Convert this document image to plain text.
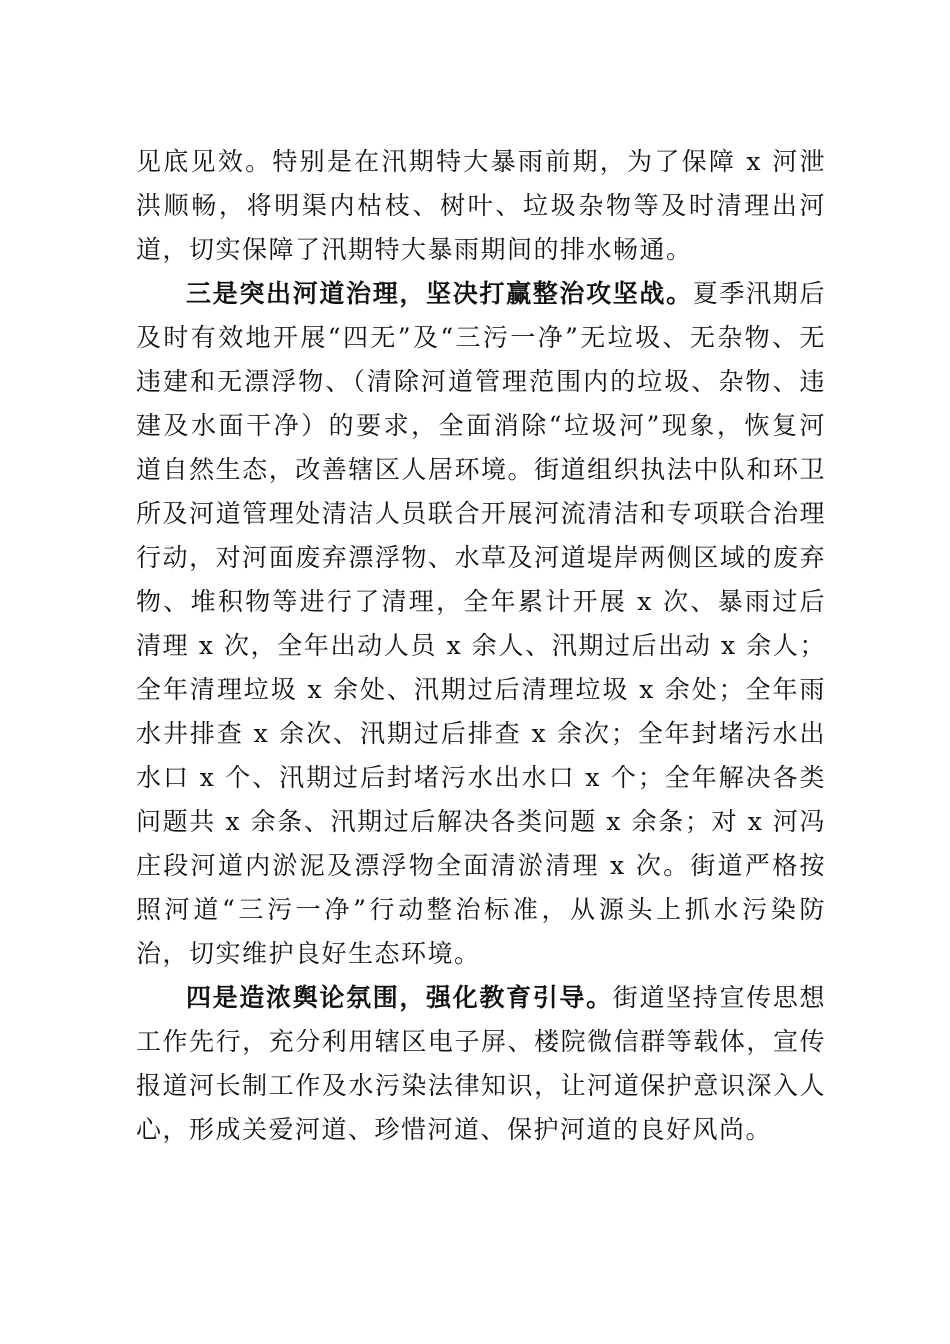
见底见效。特别是在汛期特大暴雨前期，为了保障 x 河泄洪顺畅，将明渠内枯枝、树叶、垃圾杂物等及时清理出河道，切实保障了汛期特大暴雨期间的排水畅通。

三是突出河道治理，坚决打赢整治攻坚战。夏季汛期后及时有效地开展“四无”及“三污一净”无垃圾、无杂物、无违建和无漂浮物、（清除河道管理范围内的垃圾、杂物、违建及水面干净）的要求，全面消除“垃圾河”现象，恢复河道自然生态，改善辖区人居环境。街道组织执法中队和环卫所及河道管理处清洁人员联合开展河流清洁和专项联合治理行动，对河面废弃漂浮物、水草及河道堤岸两侧区域的废弃物、堆积物等进行了清理，全年累计开展 x 次、暴雨过后清理 x 次，全年出动人员 x 余人、汛期过后出动 x 余人；全年清理垃圾 x 余处、汛期过后清理垃圾 x 余处；全年雨水井排查 x 余次、汛期过后排查 x 余次；全年封堵污水出水口 x 个、汛期过后封堵污水出水口 x 个；全年解决各类问题共 x 余条、汛期过后解决各类问题 x 余条；对 x 河冯庄段河道内淤泥及漂浮物全面清淤清理 x 次。街道严格按照河道“三污一净”行动整治标准，从源头上抓水污染防治，切实维护良好生态环境。

四是造浓舆论氛围，强化教育引导。街道坚持宣传思想工作先行，充分利用辖区电子屏、楼院微信群等载体，宣传报道河长制工作及水污染法律知识，让河道保护意识深入人心，形成关爱河道、珍惜河道、保护河道的良好风尚。
